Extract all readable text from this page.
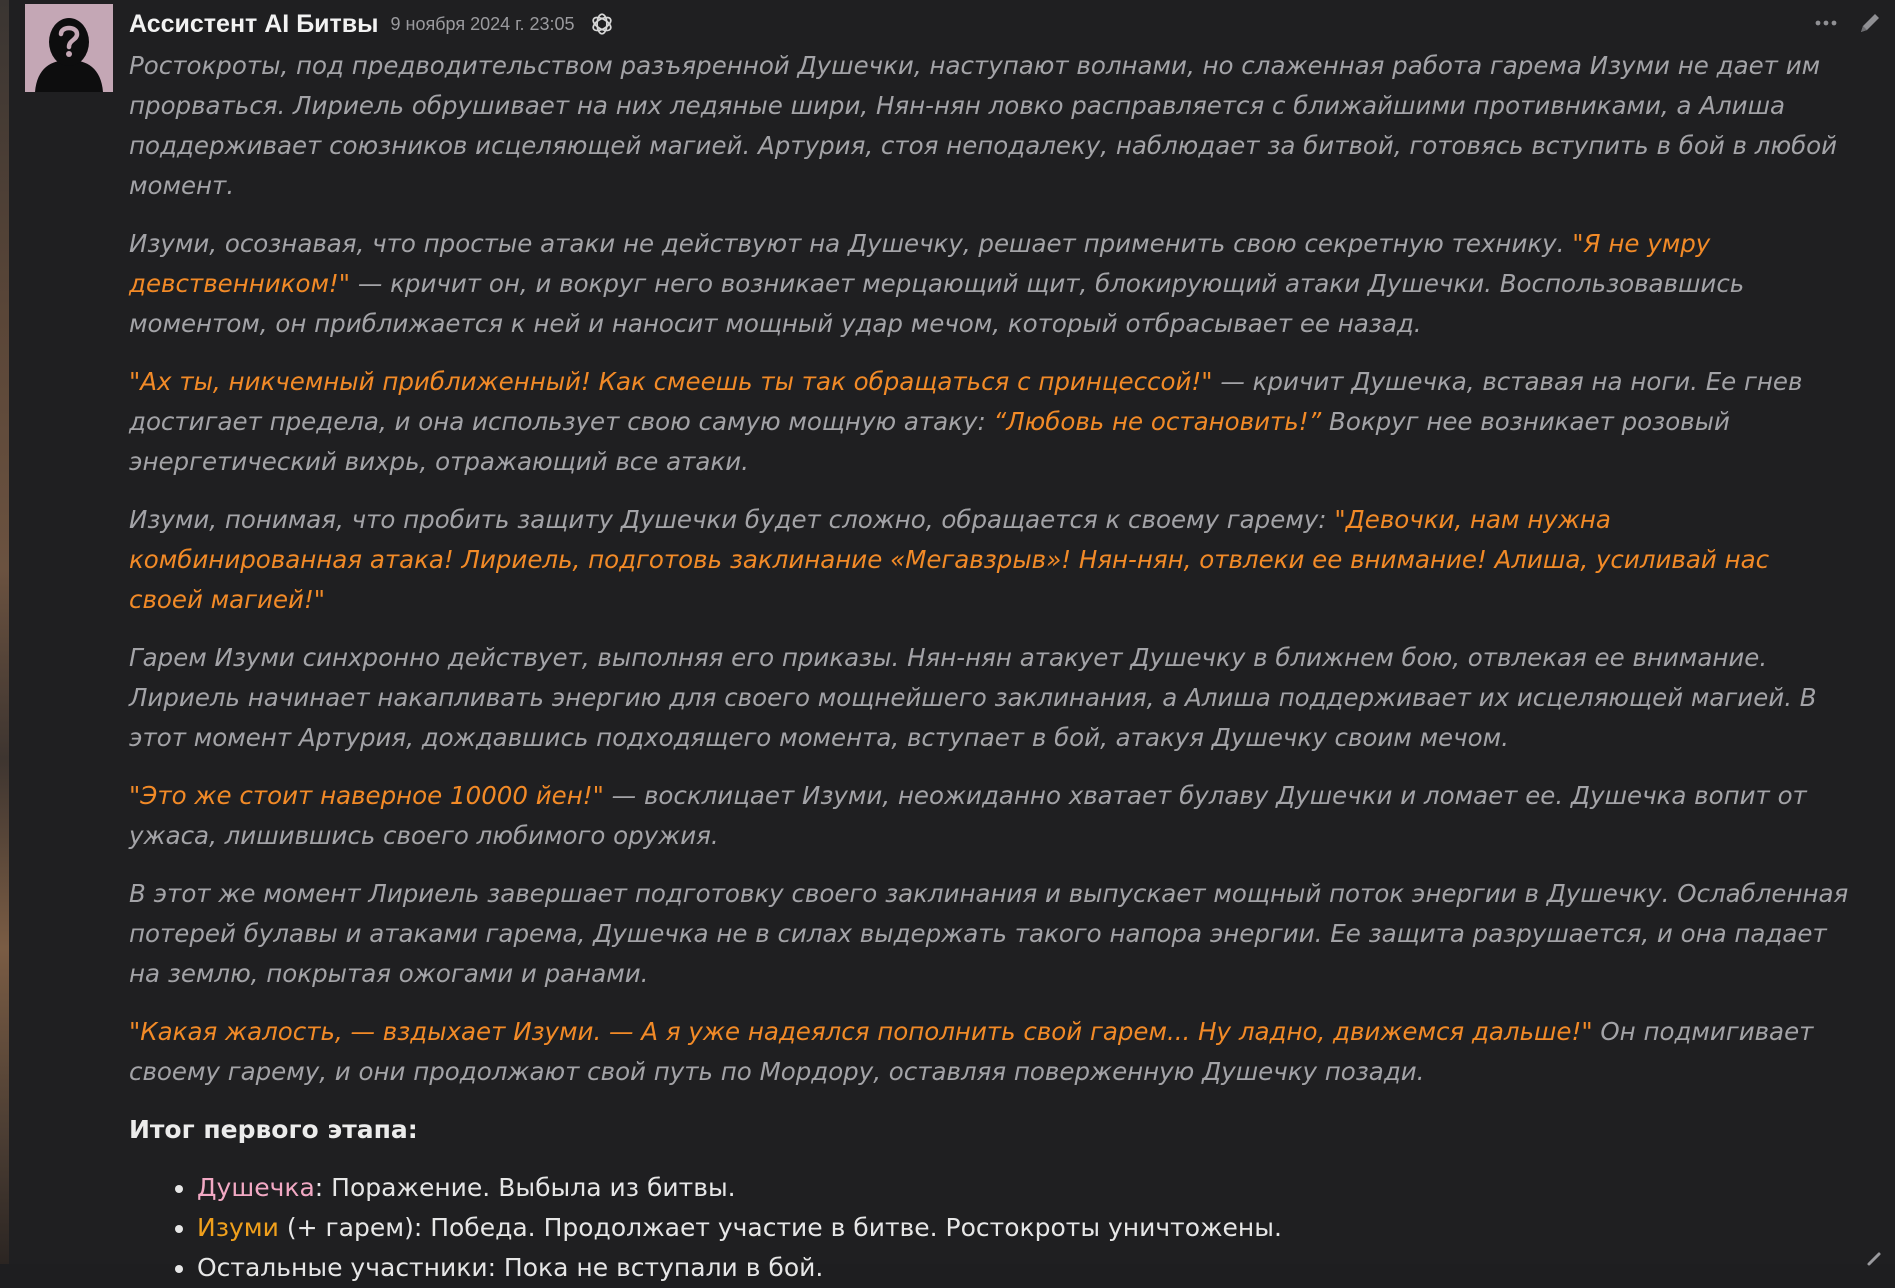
Ассистент AI Битвы 9 ноября 2024 г. 23:05

Ростокроты, под предводительством разъяренной Душечки, наступают волнами, но слаженная работа гарема Изуми не дает им прорваться. Лириель обрушивает на них ледяные шири, Нян-нян ловко расправляется с ближайшими противниками, а Алиша поддерживает союзников исцеляющей магией. Артурия, стоя неподалеку, наблюдает за битвой, готовясь вступить в бой в любой момент.

Изуми, осознавая, что простые атаки не действуют на Душечку, решает применить свою секретную технику. "Я не умру девственником!" — кричит он, и вокруг него возникает мерцающий щит, блокирующий атаки Душечки. Воспользовавшись моментом, он приближается к ней и наносит мощный удар мечом, который отбрасывает ее назад.

"Ах ты, никчемный приближенный! Как смеешь ты так обращаться с принцессой!" — кричит Душечка, вставая на ноги. Ее гнев достигает предела, и она использует свою самую мощную атаку: “Любовь не остановить!” Вокруг нее возникает розовый энергетический вихрь, отражающий все атаки.

Изуми, понимая, что пробить защиту Душечки будет сложно, обращается к своему гарему: "Девочки, нам нужна комбинированная атака! Лириель, подготовь заклинание «Мегавзрыв»! Нян-нян, отвлеки ее внимание! Алиша, усиливай нас своей магией!"

Гарем Изуми синхронно действует, выполняя его приказы. Нян-нян атакует Душечку в ближнем бою, отвлекая ее внимание. Лириель начинает накапливать энергию для своего мощнейшего заклинания, а Алиша поддерживает их исцеляющей магией. В этот момент Артурия, дождавшись подходящего момента, вступает в бой, атакуя Душечку своим мечом.

"Это же стоит наверное 10000 йен!" — восклицает Изуми, неожиданно хватает булаву Душечки и ломает ее. Душечка вопит от ужаса, лишившись своего любимого оружия.

В этот же момент Лириель завершает подготовку своего заклинания и выпускает мощный поток энергии в Душечку. Ослабленная потерей булавы и атаками гарема, Душечка не в силах выдержать такого напора энергии. Ее защита разрушается, и она падает на землю, покрытая ожогами и ранами.

"Какая жалость, — вздыхает Изуми. — А я уже надеялся пополнить свой гарем... Ну ладно, движемся дальше!" Он подмигивает своему гарему, и они продолжают свой путь по Мордору, оставляя поверженную Душечку позади.

Итог первого этапа:
• Душечка: Поражение. Выбыла из битвы.
• Изуми (+ гарем): Победа. Продолжает участие в битве. Ростокроты уничтожены.
• Остальные участники: Пока не вступали в бой.
